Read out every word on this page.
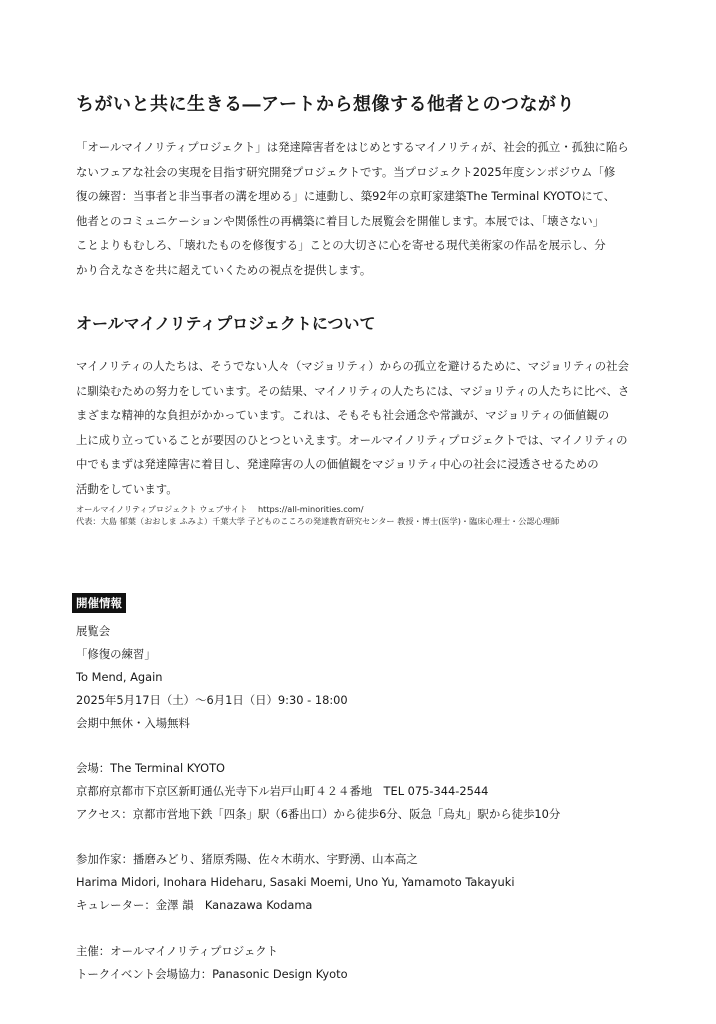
ちがいと共に生きる―アートから想像する他者とのつながり
「オールマイノリティプロジェクト」は発達障害者をはじめとするマイノリティが、社会的孤立・孤独に陥ら
ないフェアな社会の実現を目指す研究開発プロジェクトです。当プロジェクト2025年度シンポジウム「修
復の練習：当事者と非当事者の溝を埋める」に連動し、築92年の京町家建築The Terminal KYOTOにて、
他者とのコミュニケーションや関係性の再構築に着目した展覧会を開催します。本展では、「壊さない」
ことよりもむしろ、「壊れたものを修復する」ことの大切さに心を寄せる現代美術家の作品を展示し、分
かり合えなさを共に超えていくための視点を提供します。
オールマイノリティプロジェクトについて
マイノリティの人たちは、そうでない人々（マジョリティ）からの孤立を避けるために、マジョリティの社会
に馴染むための努力をしています。その結果、マイノリティの人たちには、マジョリティの人たちに比べ、さ
まざまな精神的な負担がかかっています。これは、そもそも社会通念や常識が、マジョリティの価値観の
上に成り立っていることが要因のひとつといえます。オールマイノリティプロジェクトでは、マイノリティの
中でもまずは発達障害に着目し、発達障害の人の価値観をマジョリティ中心の社会に浸透させるための
活動をしています。
オールマイノリティプロジェクト ウェブサイト https://all-minorities.com/
代表：大島 郁葉（おおしま ふみよ）千葉大学 子どものこころの発達教育研究センター 教授・博士(医学)・臨床心理士・公認心理師
開催情報
展覧会
「修復の練習」
To Mend, Again
2025年5月17日（土）～6月1日（日）9:30 - 18:00
会期中無休・入場無料
会場：The Terminal KYOTO
京都府京都市下京区新町通仏光寺下ル岩戸山町４２４番地　TEL 075-344-2544
アクセス：京都市営地下鉄「四条」駅（6番出口）から徒歩6分、阪急「烏丸」駅から徒歩10分
参加作家：播磨みどり、猪原秀陽、佐々木萌水、宇野湧、山本高之
Harima Midori, Inohara Hideharu, Sasaki Moemi, Uno Yu, Yamamoto Takayuki
キュレーター：金澤 韻　Kanazawa Kodama
主催：オールマイノリティプロジェクト
トークイベント会場協力：Panasonic Design Kyoto
